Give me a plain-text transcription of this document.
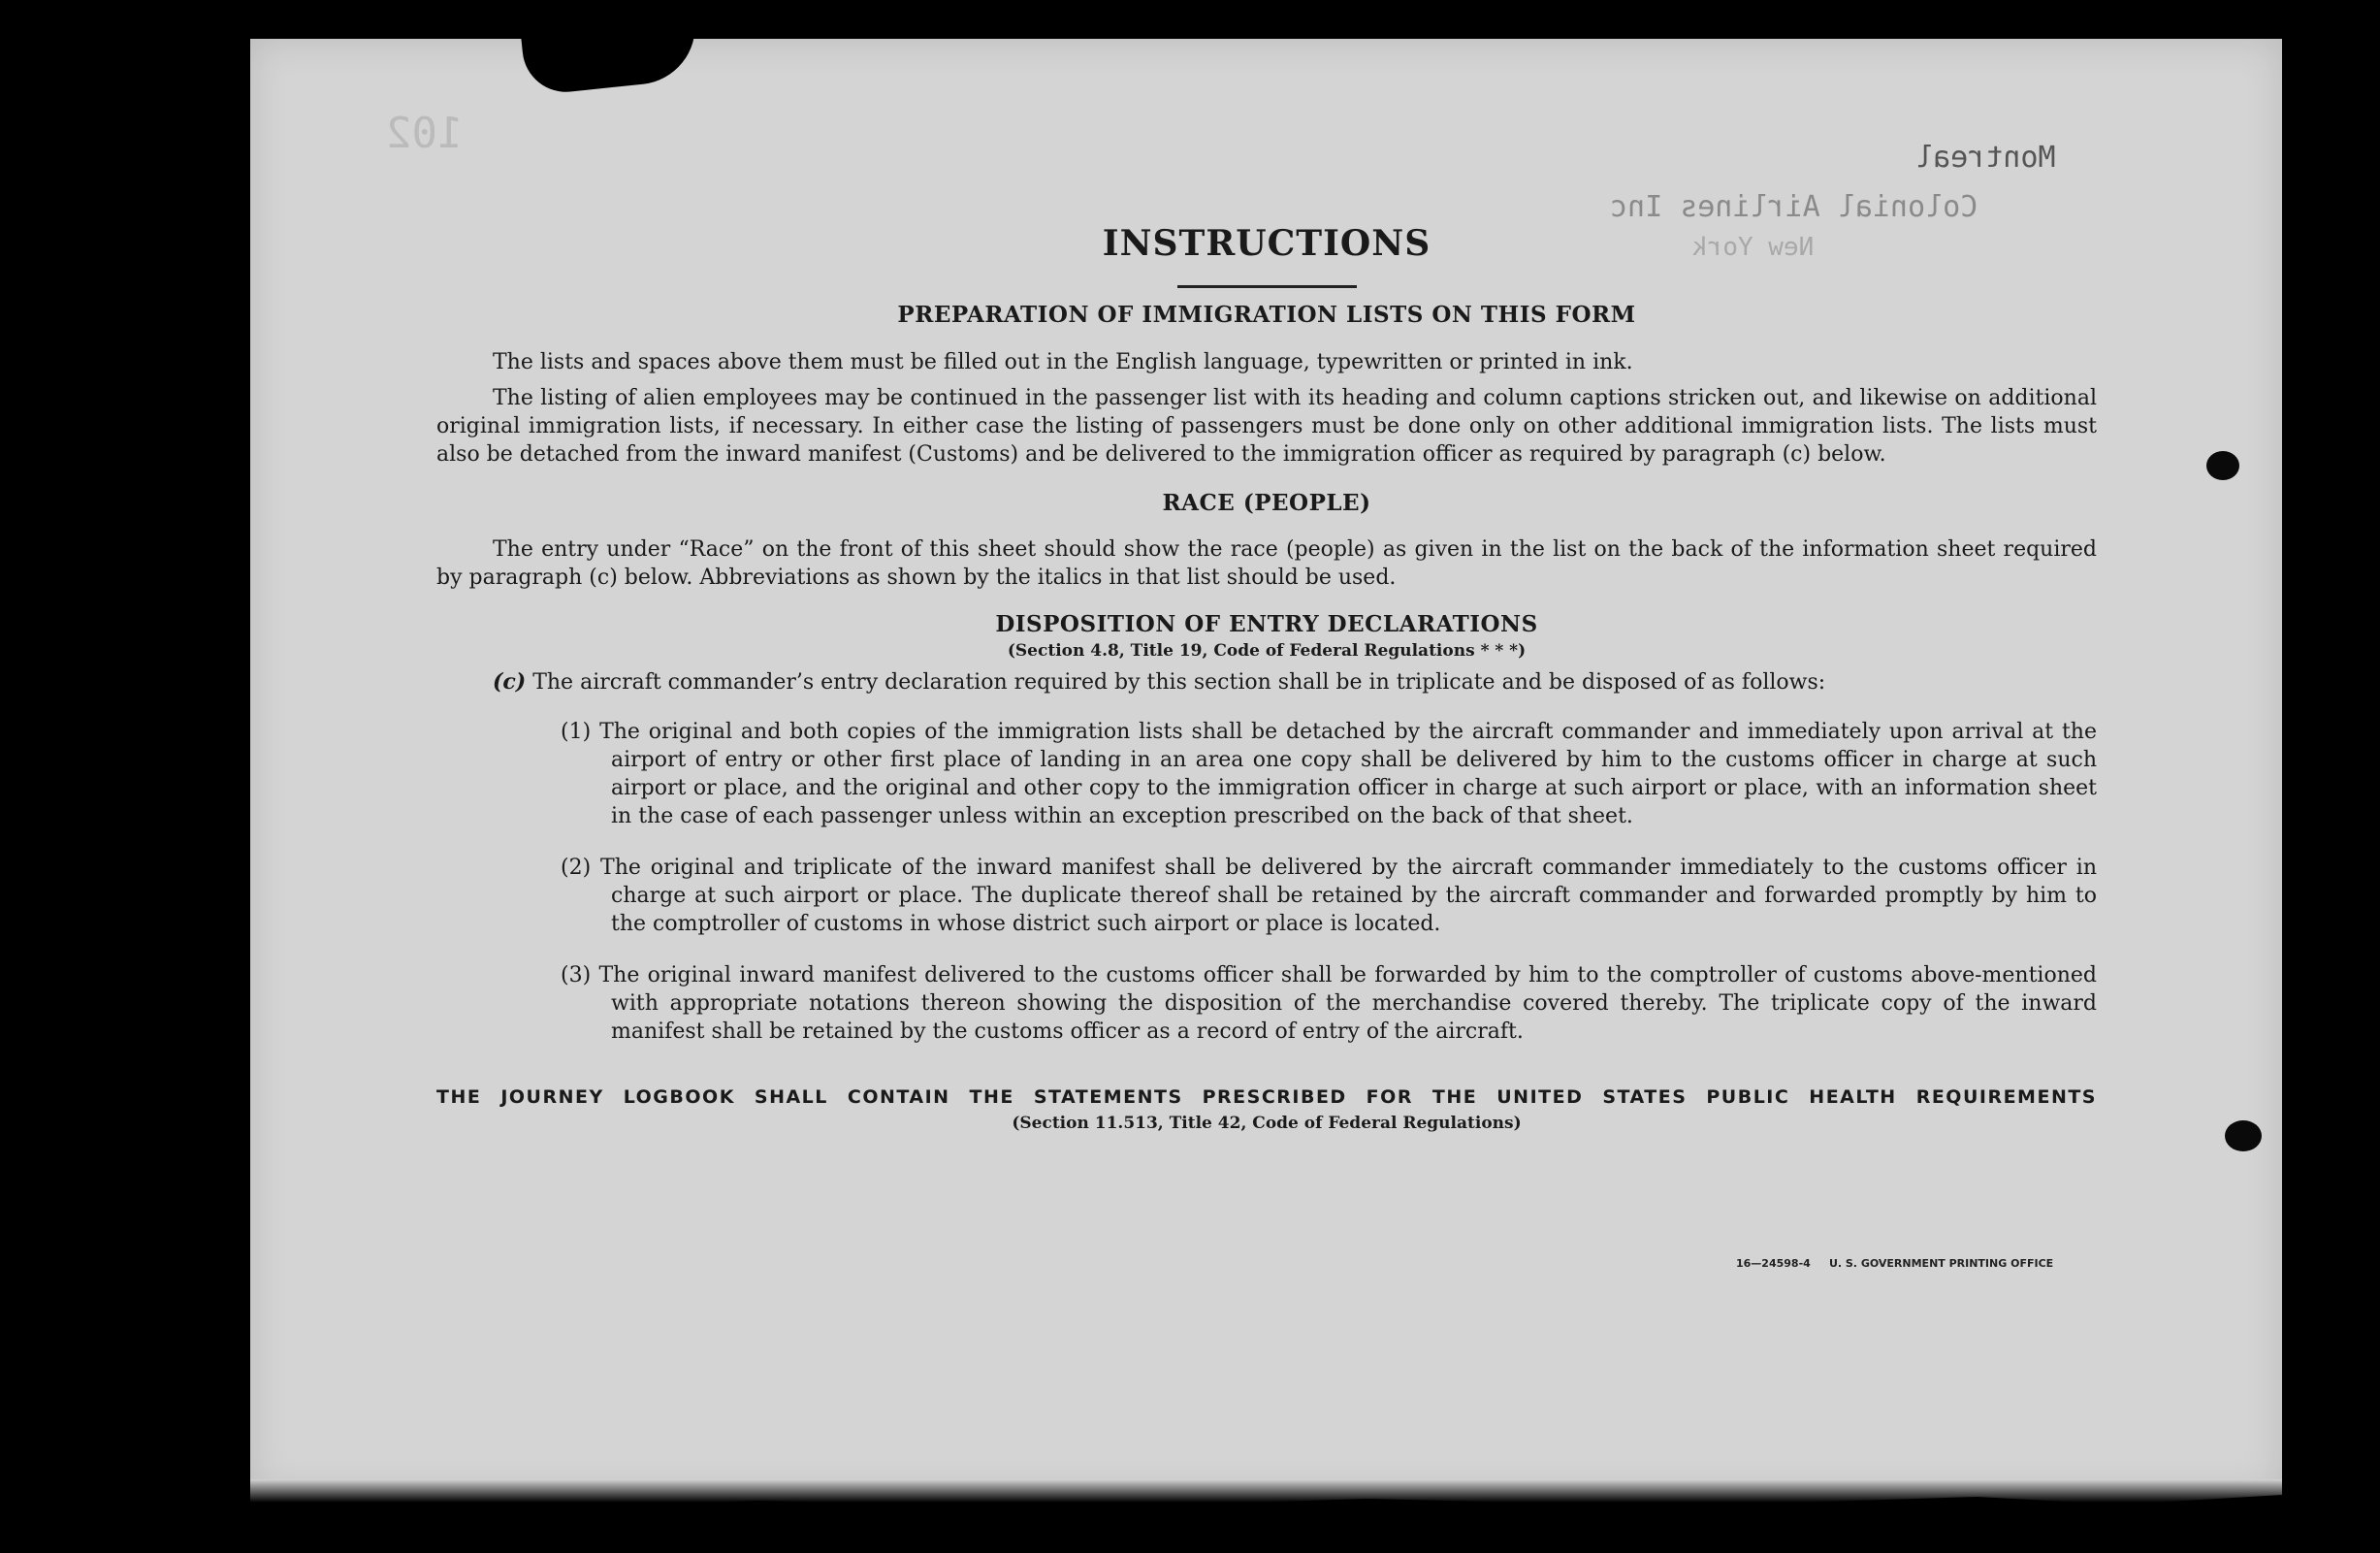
102	Montreal
Colonial Airlines Inc
New York
INSTRUCTIONS
PREPARATION OF IMMIGRATION LISTS ON THIS FORM

The lists and spaces above them must be filled out in the English language, typewritten or printed in ink.

The listing of alien employees may be continued in the passenger list with its heading and column captions stricken out, and likewise on additional original immigration lists, if necessary. In either case the listing of passengers must be done only on other additional immigration lists. The lists must also be detached from the inward manifest (Customs) and be delivered to the immigration officer as required by paragraph (c) below.

RACE (PEOPLE)

The entry under “Race” on the front of this sheet should show the race (people) as given in the list on the back of the information sheet required by paragraph (c) below. Abbreviations as shown by the italics in that list should be used.

DISPOSITION OF ENTRY DECLARATIONS

(Section 4.8, Title 19, Code of Federal Regulations * * *)

(c) The aircraft commander’s entry declaration required by this section shall be in triplicate and be disposed of as follows:

(1) The original and both copies of the immigration lists shall be detached by the aircraft commander and immediately upon arrival at the airport of entry or other first place of landing in an area one copy shall be delivered by him to the customs officer in charge at such airport or place, and the original and other copy to the immigration officer in charge at such airport or place, with an information sheet in the case of each passenger unless within an exception prescribed on the back of that sheet.

(2) The original and triplicate of the inward manifest shall be delivered by the aircraft commander immediately to the customs officer in charge at such airport or place. The duplicate thereof shall be retained by the aircraft commander and forwarded promptly by him to the comptroller of customs in whose district such airport or place is located.

(3) The original inward manifest delivered to the customs officer shall be forwarded by him to the comptroller of customs above-mentioned with appropriate notations thereon showing the disposition of the merchandise covered thereby. The triplicate copy of the inward manifest shall be retained by the customs officer as a record of entry of the aircraft.

THE JOURNEY LOGBOOK SHALL CONTAIN THE STATEMENTS PRESCRIBED FOR THE UNITED STATES PUBLIC HEALTH REQUIREMENTS

(Section 11.513, Title 42, Code of Federal Regulations)

16—24598-4     U. S. GOVERNMENT PRINTING OFFICE
